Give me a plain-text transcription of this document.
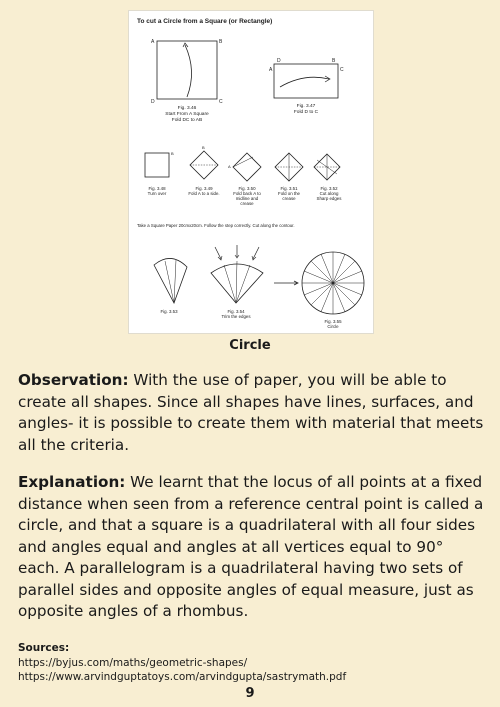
To cut a Circle from a Square (or Rectangle)
A	B
D	C
Fig. 3.46
Start From A Square
Fold DC to AB
D	B
A	C
Fig. 3.47
Fold D to C
B
B
A
Fig. 3.48
Turn over
Fig. 3.49
Fold A to a side.
Fig. 3.50
Fold back A to
midline and
crease
Fig. 3.51
Fold on the
crease
Fig. 3.52
Cut along
Sharp edges
Take a Square Paper 20cmx20cm. Follow the step correctly. Cut along the contour.
Fig. 3.53	Fig. 3.54
Trim the edges
Fig. 3.55
Circle
Circle

Observation: With the use of paper, you will be able to create all shapes. Since all shapes have lines, surfaces, and angles- it is possible to create them with material that meets all the criteria.

Explanation: We learnt that the locus of all points at a fixed distance when seen from a reference central point is called a circle, and that a square is a quadrilateral with all four sides and angles equal and angles at all vertices equal to 90° each. A parallelogram is a quadrilateral having two sets of parallel sides and opposite angles of equal measure, just as opposite angles of a rhombus.

Sources:
https://byjus.com/maths/geometric-shapes/
https://www.arvindguptatoys.com/arvindgupta/sastrymath.pdf
9
